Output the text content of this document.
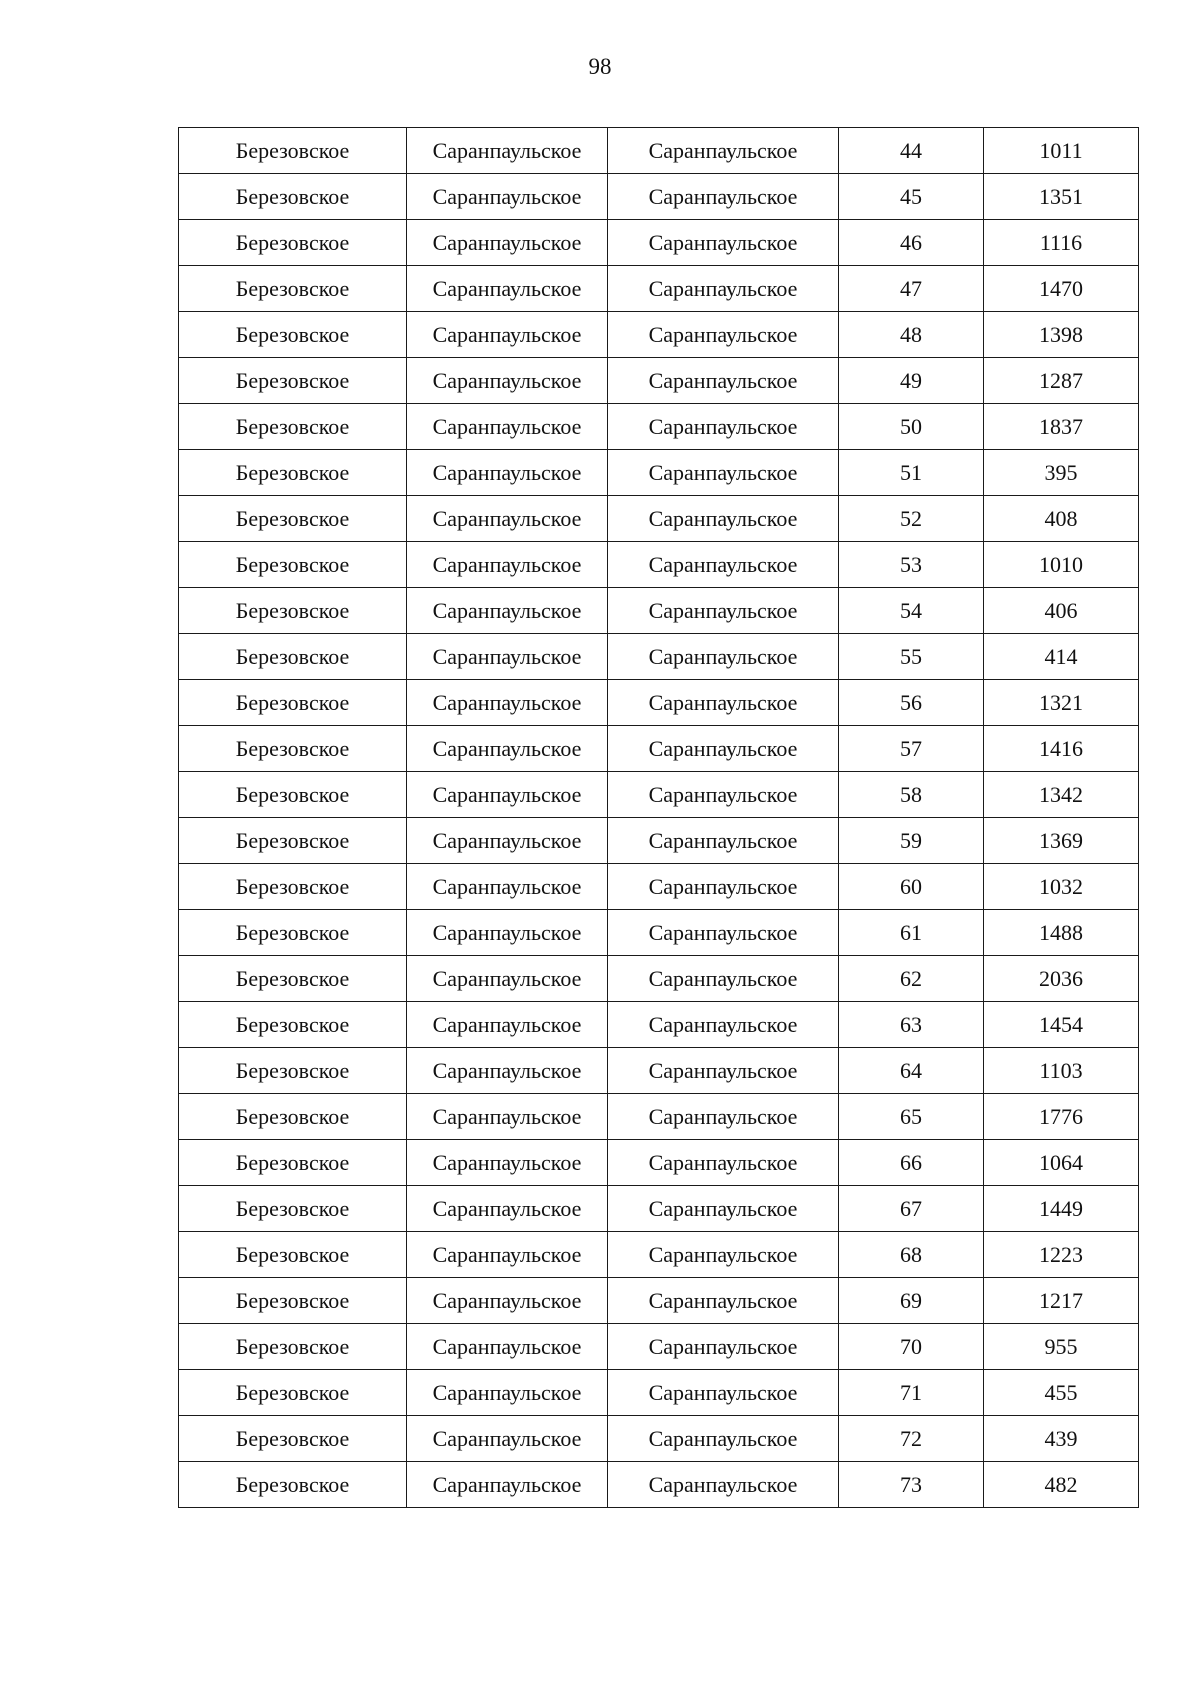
98
Березовское	Саранпаульское	Саранпаульское	44	1011
Березовское	Саранпаульское	Саранпаульское	45	1351
Березовское	Саранпаульское	Саранпаульское	46	1116
Березовское	Саранпаульское	Саранпаульское	47	1470
Березовское	Саранпаульское	Саранпаульское	48	1398
Березовское	Саранпаульское	Саранпаульское	49	1287
Березовское	Саранпаульское	Саранпаульское	50	1837
Березовское	Саранпаульское	Саранпаульское	51	395
Березовское	Саранпаульское	Саранпаульское	52	408
Березовское	Саранпаульское	Саранпаульское	53	1010
Березовское	Саранпаульское	Саранпаульское	54	406
Березовское	Саранпаульское	Саранпаульское	55	414
Березовское	Саранпаульское	Саранпаульское	56	1321
Березовское	Саранпаульское	Саранпаульское	57	1416
Березовское	Саранпаульское	Саранпаульское	58	1342
Березовское	Саранпаульское	Саранпаульское	59	1369
Березовское	Саранпаульское	Саранпаульское	60	1032
Березовское	Саранпаульское	Саранпаульское	61	1488
Березовское	Саранпаульское	Саранпаульское	62	2036
Березовское	Саранпаульское	Саранпаульское	63	1454
Березовское	Саранпаульское	Саранпаульское	64	1103
Березовское	Саранпаульское	Саранпаульское	65	1776
Березовское	Саранпаульское	Саранпаульское	66	1064
Березовское	Саранпаульское	Саранпаульское	67	1449
Березовское	Саранпаульское	Саранпаульское	68	1223
Березовское	Саранпаульское	Саранпаульское	69	1217
Березовское	Саранпаульское	Саранпаульское	70	955
Березовское	Саранпаульское	Саранпаульское	71	455
Березовское	Саранпаульское	Саранпаульское	72	439
Березовское	Саранпаульское	Саранпаульское	73	482
